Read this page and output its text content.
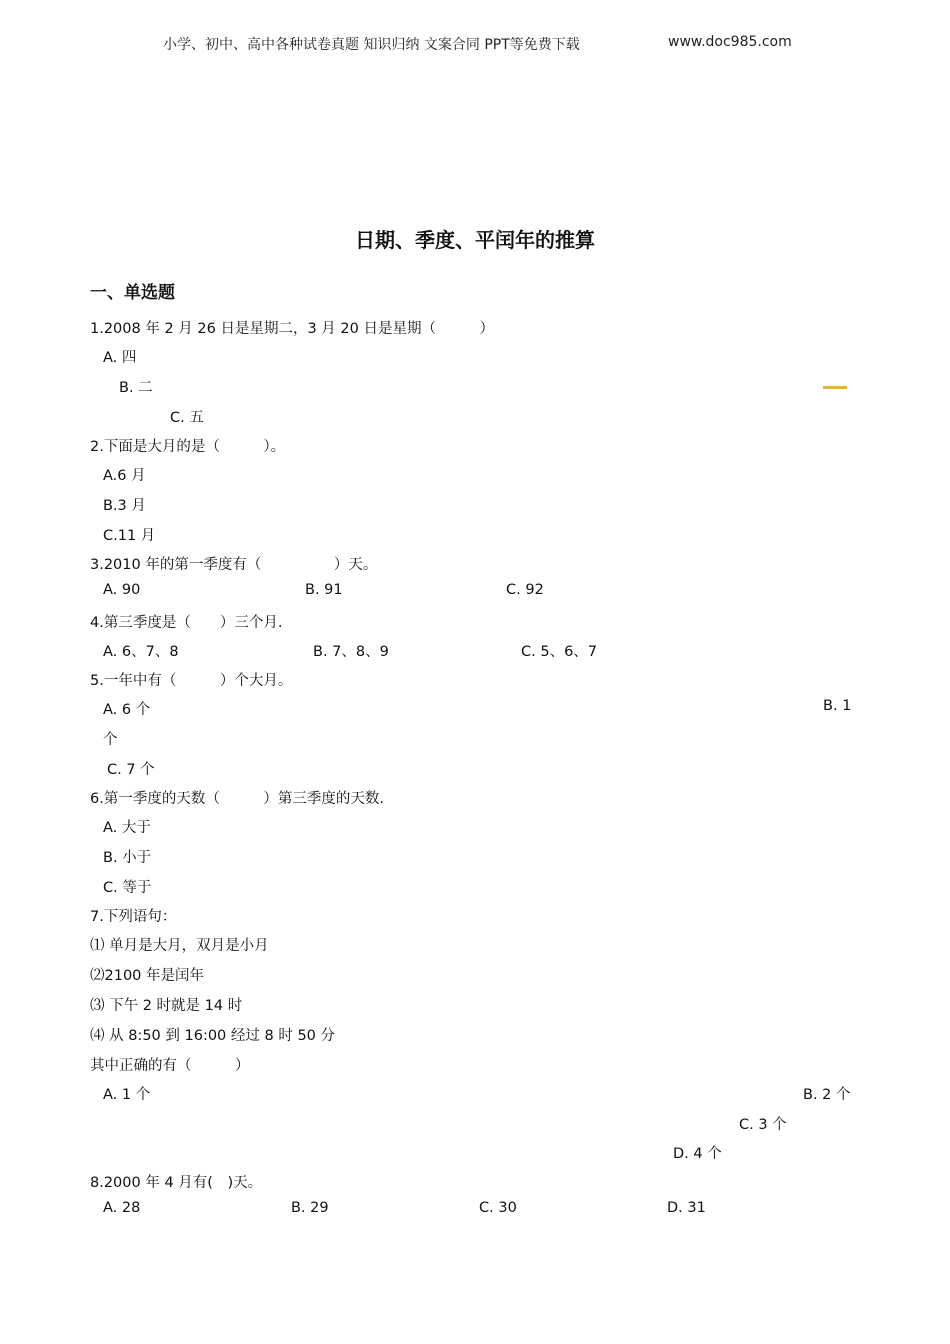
小学、初中、高中各种试卷真题 知识归纳 文案合同 PPT等免费下载	www.doc985.com
日期、季度、平闰年的推算
一、单选题
1.2008 年 2 月 26 日是星期二，3 月 20 日是星期（　　　）
A. 四
B. 二
C. 五
2.下面是大月的是（　　　）。
A.6 月
B.3 月
C.11 月
3.2010 年的第一季度有（　　　　　）天。
A. 90	B. 91	C. 92
4.第三季度是（　　）三个月.
A. 6、7、8	B. 7、8、9	C. 5、6、7
5.一年中有（　　　）个大月。
A. 6 个	B. 1
个
C. 7 个
6.第一季度的天数（　　　）第三季度的天数.
A. 大于
B. 小于
C. 等于
7.下列语句：
⑴ 单月是大月，双月是小月
⑵2100 年是闰年
⑶ 下午 2 时就是 14 时
⑷ 从 8:50 到 16:00 经过 8 时 50 分
其中正确的有（　　　）
A. 1 个	B. 2 个
C. 3 个
D. 4 个
8.2000 年 4 月有(　)天。
A. 28	B. 29	C. 30	D. 31
